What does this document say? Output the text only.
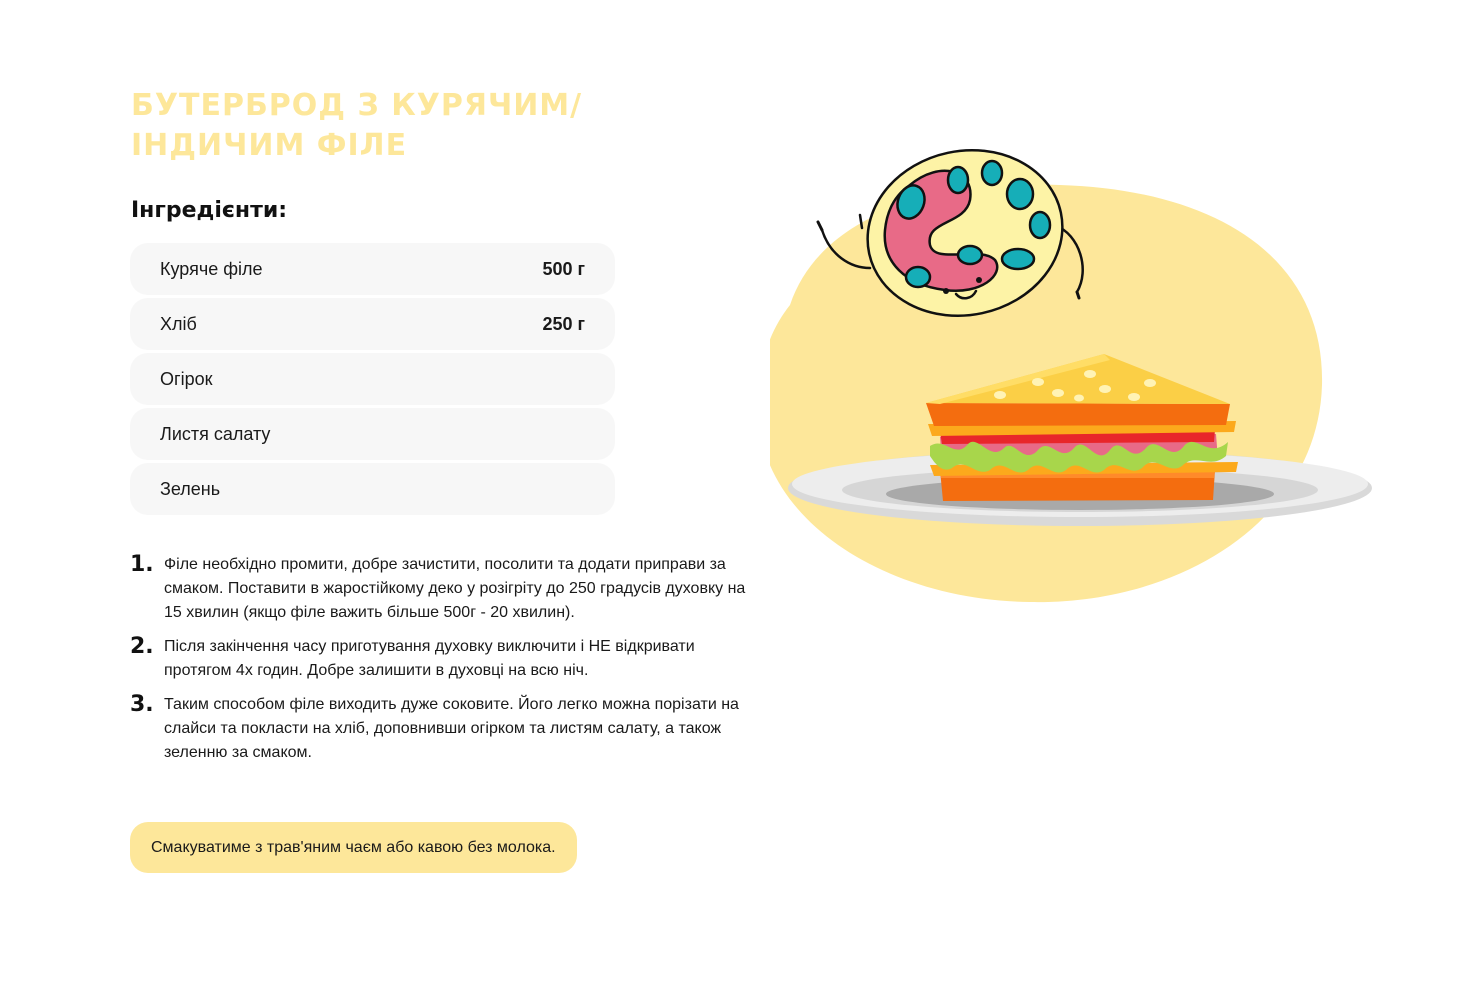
БУТЕРБРОД З КУРЯЧИМ/
ІНДИЧИМ ФІЛЕ
Інгредієнти:
Куряче філе	500 г
Хліб	250 г
Огірок
Листя салату
Зелень
1. Філе необхідно промити, добре зачистити, посолити та додати приправи за смаком. Поставити в жаростійкому деко у розігріту до 250 градусів духовку на 15 хвилин (якщо філе важить більше 500г - 20 хвилин).
2. Після закінчення часу приготування духовку виключити і НЕ відкривати протягом 4х годин. Добре залишити в духовці на всю ніч.
3. Таким способом філе виходить дуже соковите. Його легко можна порізати на слайси та покласти на хліб, доповнивши огірком та листям салату, а також зеленню за смаком.
Смакуватиме з трав'яним чаєм або кавою без молока.
